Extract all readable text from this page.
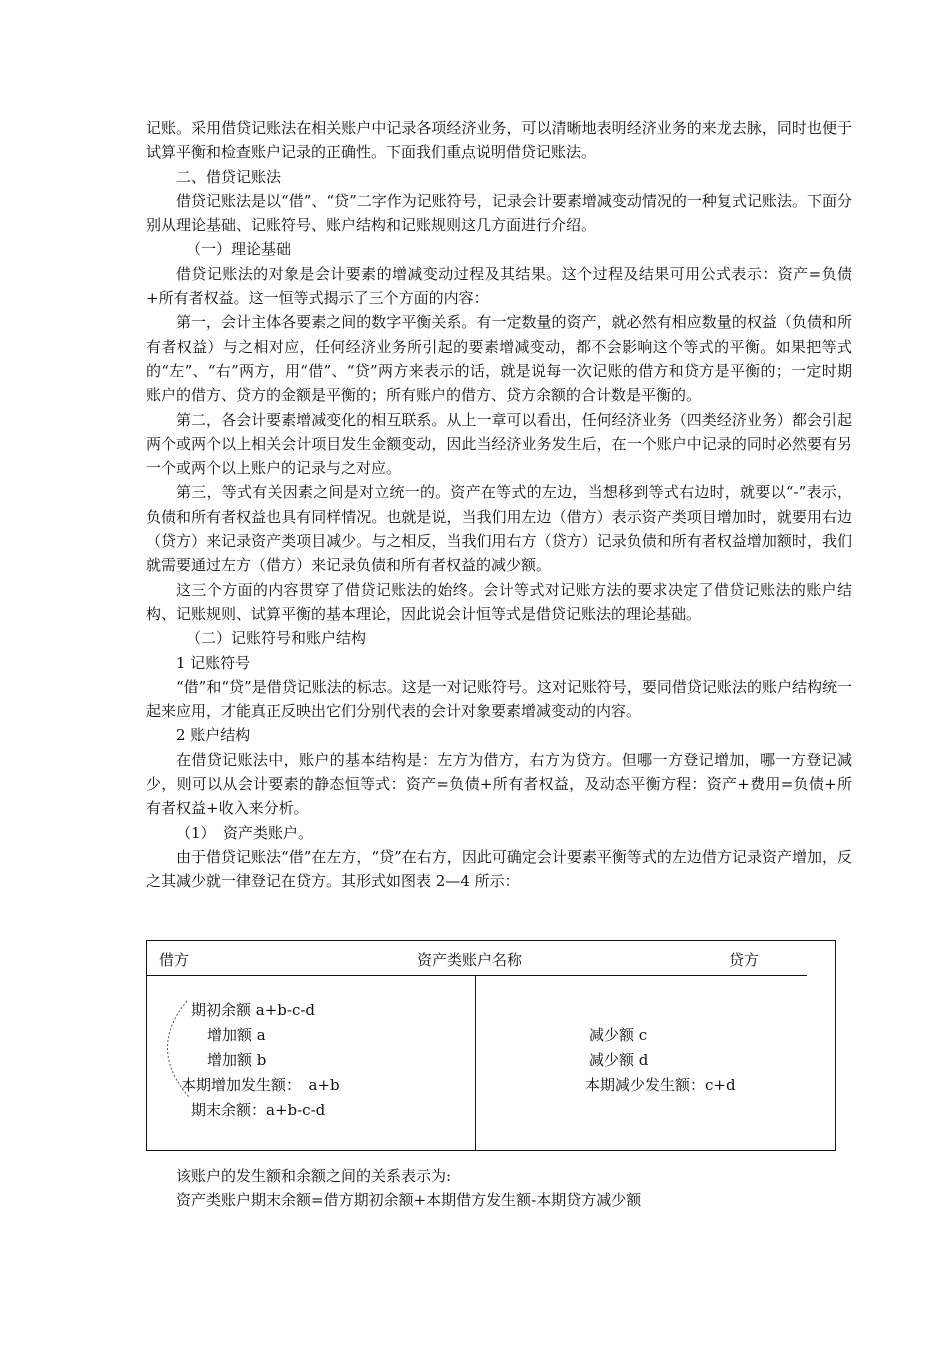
记账。采用借贷记账法在相关账户中记录各项经济业务，可以清晰地表明经济业务的来龙去脉，同时也便于试算平衡和检查账户记录的正确性。下面我们重点说明借贷记账法。

二、借贷记账法

借贷记账法是以“借”、“贷”二字作为记账符号，记录会计要素增减变动情况的一种复式记账法。下面分别从理论基础、记账符号、账户结构和记账规则这几方面进行介绍。

（一）理论基础

借贷记账法的对象是会计要素的增减变动过程及其结果。这个过程及结果可用公式表示：资产=负债+所有者权益。这一恒等式揭示了三个方面的内容：

第一，会计主体各要素之间的数字平衡关系。有一定数量的资产，就必然有相应数量的权益（负债和所有者权益）与之相对应，任何经济业务所引起的要素增减变动，都不会影响这个等式的平衡。如果把等式的“左”、“右”两方，用“借”、“贷”两方来表示的话，就是说每一次记账的借方和贷方是平衡的；一定时期账户的借方、贷方的金额是平衡的；所有账户的借方、贷方余额的合计数是平衡的。

第二，各会计要素增减变化的相互联系。从上一章可以看出，任何经济业务（四类经济业务）都会引起两个或两个以上相关会计项目发生金额变动，因此当经济业务发生后，在一个账户中记录的同时必然要有另一个或两个以上账户的记录与之对应。

第三，等式有关因素之间是对立统一的。资产在等式的左边，当想移到等式右边时，就要以“-”表示，负债和所有者权益也具有同样情况。也就是说，当我们用左边（借方）表示资产类项目增加时，就要用右边（贷方）来记录资产类项目减少。与之相反，当我们用右方（贷方）记录负债和所有者权益增加额时，我们就需要通过左方（借方）来记录负债和所有者权益的减少额。

这三个方面的内容贯穿了借贷记账法的始终。会计等式对记账方法的要求决定了借贷记账法的账户结构、记账规则、试算平衡的基本理论，因此说会计恒等式是借贷记账法的理论基础。

（二）记账符号和账户结构

1 记账符号

“借”和“贷”是借贷记账法的标志。这是一对记账符号。这对记账符号，要同借贷记账法的账户结构统一起来应用，才能真正反映出它们分别代表的会计对象要素增减变动的内容。

2 账户结构

在借贷记账法中，账户的基本结构是：左方为借方，右方为贷方。但哪一方登记增加，哪一方登记减少，则可以从会计要素的静态恒等式：资产=负债+所有者权益，及动态平衡方程：资产+费用=负债+所有者权益+收入来分析。

（1）　资产类账户。

由于借贷记账法“借”在左方，“贷”在右方，因此可确定会计要素平衡等式的左边借方记录资产增加，反之其减少就一律登记在贷方。其形式如图表 2—4 所示：

借方	资产类账户名称	贷方
期初余额 a+b-c-d
增加额 a
增加额 b
本期增加发生额：　a+b
期末余额：a+b-c-d
减少额 c
减少额 d
本期减少发生额：c+d

该账户的发生额和余额之间的关系表示为:

资产类账户期末余额=借方期初余额+本期借方发生额-本期贷方减少额
